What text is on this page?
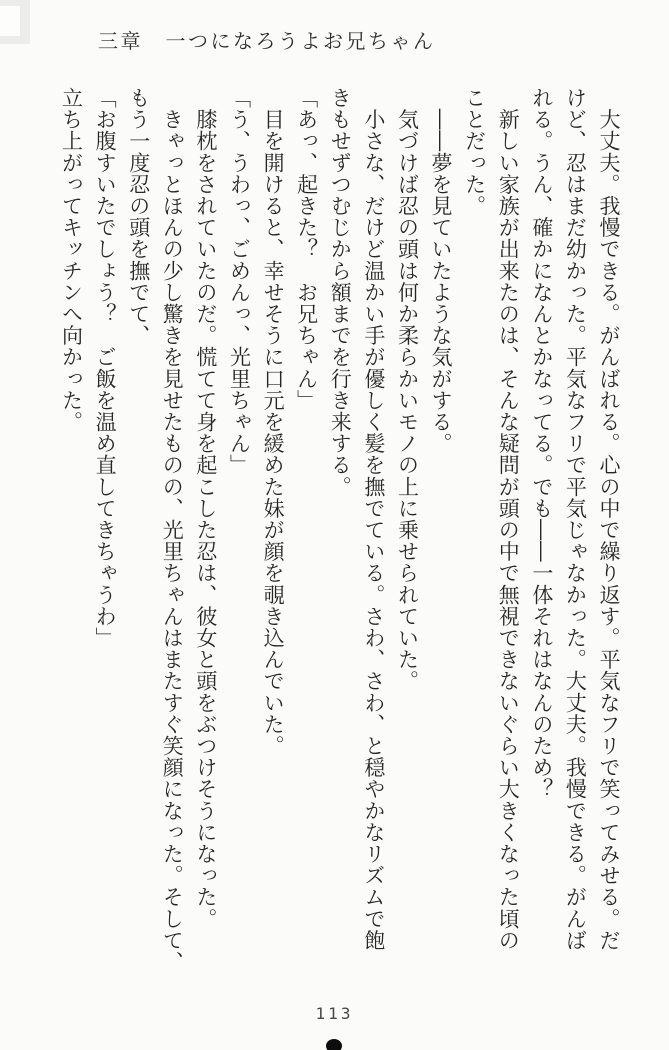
三章　一つになろうよお兄ちゃん

　大丈夫。我慢できる。がんばれる。心の中で繰り返す。平気なフリで笑ってみせる。だ

けど、忍はまだ幼かった。平気なフリで平気じゃなかった。大丈夫。我慢できる。がんば

れる。うん、確かになんとかなってる。でも――一体それはなんのため？

　新しい家族が出来たのは、そんな疑問が頭の中で無視できないぐらい大きくなった頃の

ことだった。

　――夢を見ていたような気がする。

　気づけば忍の頭は何か柔らかいモノの上に乗せられていた。

　小さな、だけど温かい手が優しく髪を撫でている。さわ、さわ、と穏やかなリズムで飽

きもせずつむじから額までを行き来する。

「あっ、起きた？　お兄ちゃん」

　目を開けると、幸せそうに口元を緩めた妹が顔を覗き込んでいた。

「う、うわっ、ごめんっ、光里ちゃん」

　膝枕をされていたのだ。慌てて身を起こした忍は、彼女と頭をぶつけそうになった。

　きゃっとほんの少し驚きを見せたものの、光里ちゃんはまたすぐ笑顔になった。そして、

もう一度忍の頭を撫でて、

「お腹すいたでしょう？　ご飯を温め直してきちゃうわ」

立ち上がってキッチンへ向かった。

113
